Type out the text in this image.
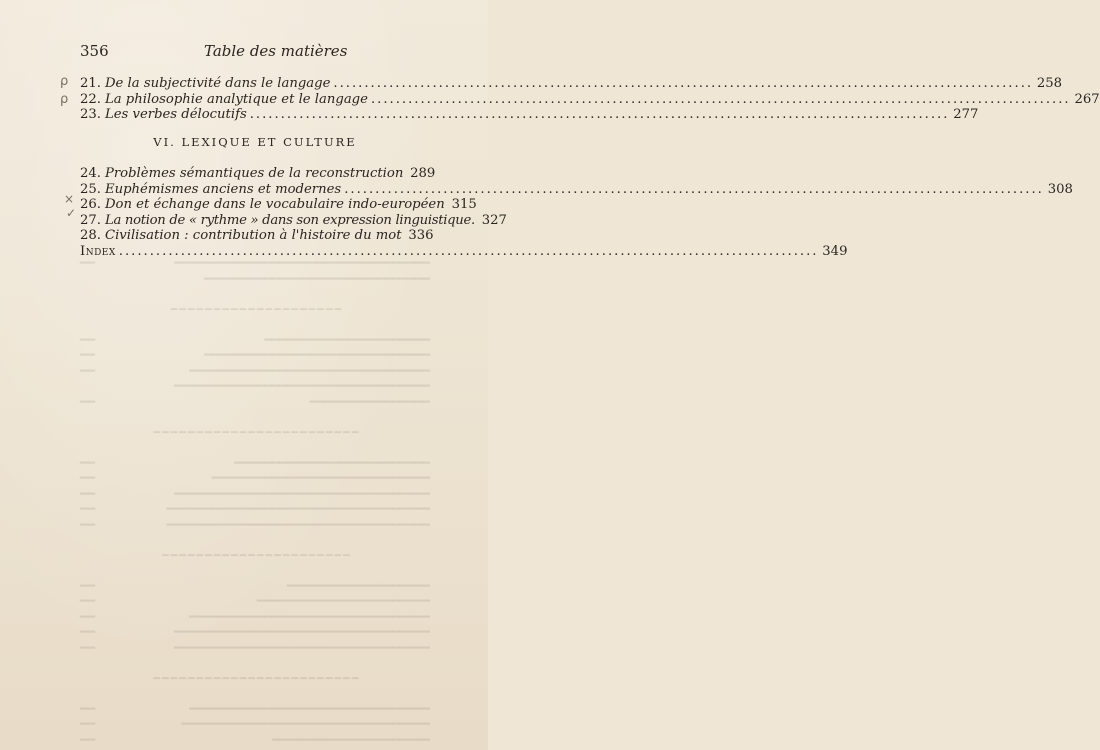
356	Table des matières
ρ
ρ
×
✓
21. De la subjectivité dans le langage .....	258
22. La philosophie analytique et le langage .....	267
23. Les verbes délocutifs .....	277
VI. LEXIQUE ET CULTURE
24. Problèmes sémantiques de la reconstruction 289
25. Euphémismes anciens et modernes .....	308
26. Don et échange dans le vocabulaire indo-européen 315
27. La notion de « rythme » dans son expression linguistique. 327
28. Civilisation : contribution à l'histoire du mot 336
Index .....	349
━━━━━━━━━━━━━━━━━━━━━━━━━━━━━━━━━━
━━
━━━━━━━━━━━━━━━━━━━━━━━━━━━━━━
━━━━━━━━━━━━━━━━━━━━
━━━━━━━━━━━━━━━━━━━━━━
━━
━━━━━━━━━━━━━━━━━━━━━━━━━━━━━━
━━
━━━━━━━━━━━━━━━━━━━━━━━━━━━━━━━━
━━
━━━━━━━━━━━━━━━━━━━━━━━━━━━━━━━━━━
━━━━━━━━━━━━━━━━
━━
━━━━━━━━━━━━━━━━━━━━━━━━
━━━━━━━━━━━━━━━━━━━━━━━━━━
━━
━━━━━━━━━━━━━━━━━━━━━━━━━━━━━
━━
━━━━━━━━━━━━━━━━━━━━━━━━━━━━━━━━━━
━━
━━━━━━━━━━━━━━━━━━━━━━━━━━━━━━━━━━━
━━
━━━━━━━━━━━━━━━━━━━━━━━━━━━━━━━━━━━
━━
━━━━━━━━━━━━━━━━━━━━━━
━━━━━━━━━━━━━━━━━━━
━━
━━━━━━━━━━━━━━━━━━━━━━━
━━
━━━━━━━━━━━━━━━━━━━━━━━━━━━━━━━━
━━
━━━━━━━━━━━━━━━━━━━━━━━━━━━━━━━━━━
━━
━━━━━━━━━━━━━━━━━━━━━━━━━━━━━━━━━━
━━
━━━━━━━━━━━━━━━━━━━━━━━━
━━━━━━━━━━━━━━━━━━━━━━━━━━━━━━━━
━━
━━━━━━━━━━━━━━━━━━━━━━━━━━━━━━━━━
━━
━━━━━━━━━━━━━━━━━━━━━
━━
